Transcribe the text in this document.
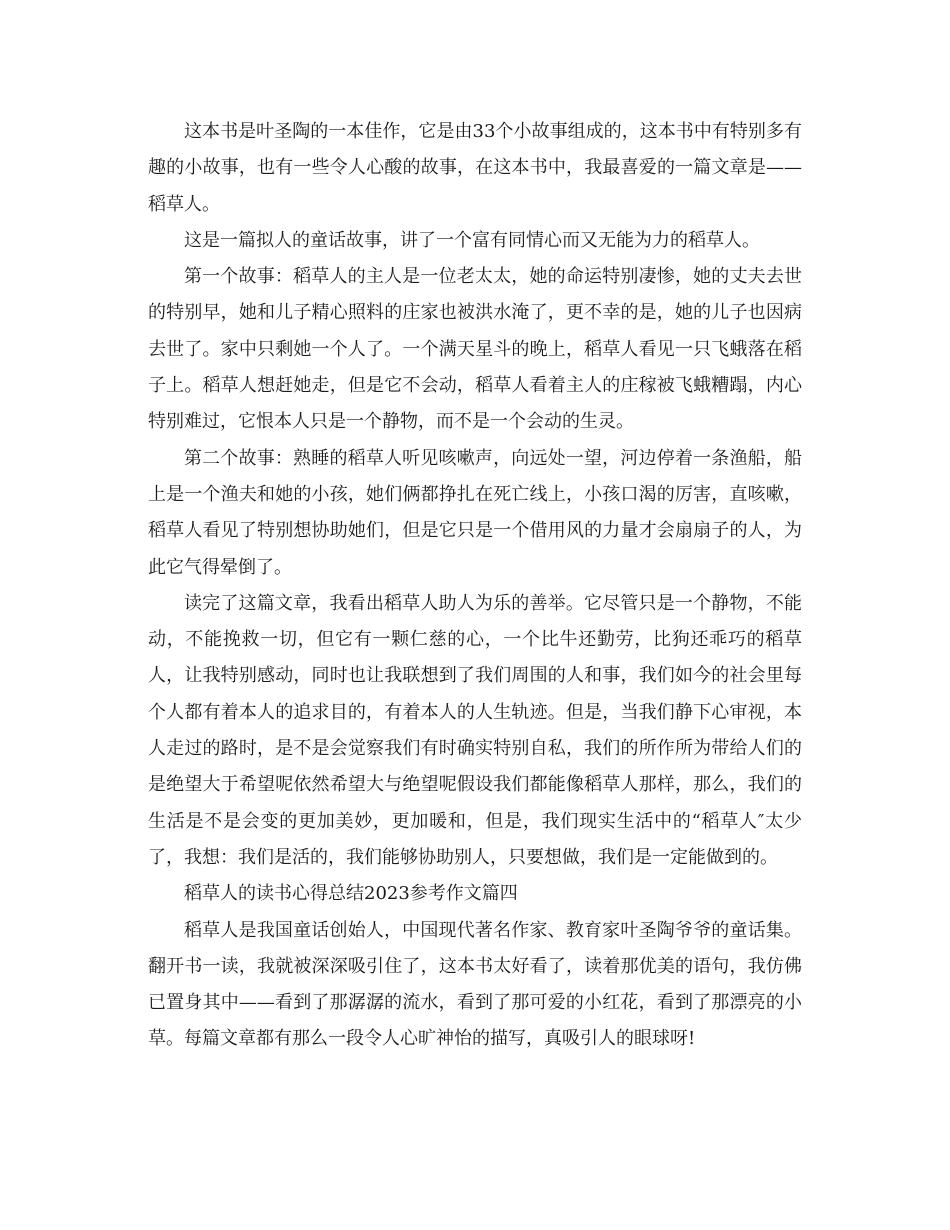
这本书是叶圣陶的一本佳作，它是由33个小故事组成的，这本书中有特别多有趣的小故事，也有一些令人心酸的故事，在这本书中，我最喜爱的一篇文章是——稻草人。

这是一篇拟人的童话故事，讲了一个富有同情心而又无能为力的稻草人。

第一个故事：稻草人的主人是一位老太太，她的命运特别凄惨，她的丈夫去世的特别早，她和儿子精心照料的庄家也被洪水淹了，更不幸的是，她的儿子也因病去世了。家中只剩她一个人了。一个满天星斗的晚上，稻草人看见一只飞蛾落在稻子上。稻草人想赶她走，但是它不会动，稻草人看着主人的庄稼被飞蛾糟蹋，内心特别难过，它恨本人只是一个静物，而不是一个会动的生灵。

第二个故事：熟睡的稻草人听见咳嗽声，向远处一望，河边停着一条渔船，船上是一个渔夫和她的小孩，她们俩都挣扎在死亡线上，小孩口渴的厉害，直咳嗽，稻草人看见了特别想协助她们，但是它只是一个借用风的力量才会扇扇子的人，为此它气得晕倒了。

读完了这篇文章，我看出稻草人助人为乐的善举。它尽管只是一个静物，不能动，不能挽救一切，但它有一颗仁慈的心，一个比牛还勤劳，比狗还乖巧的稻草人，让我特别感动，同时也让我联想到了我们周围的人和事，我们如今的社会里每个人都有着本人的追求目的，有着本人的人生轨迹。但是，当我们静下心审视，本人走过的路时，是不是会觉察我们有时确实特别自私，我们的所作所为带给人们的是绝望大于希望呢依然希望大与绝望呢假设我们都能像稻草人那样，那么，我们的生活是不是会变的更加美妙，更加暖和，但是，我们现实生活中的“稻草人″太少了，我想：我们是活的，我们能够协助别人，只要想做，我们是一定能做到的。

稻草人的读书心得总结2023参考作文篇四

稻草人是我国童话创始人，中国现代著名作家、教育家叶圣陶爷爷的童话集。翻开书一读，我就被深深吸引住了，这本书太好看了，读着那优美的语句，我仿佛已置身其中——看到了那潺潺的流水，看到了那可爱的小红花，看到了那漂亮的小草。每篇文章都有那么一段令人心旷神怡的描写，真吸引人的眼球呀!
